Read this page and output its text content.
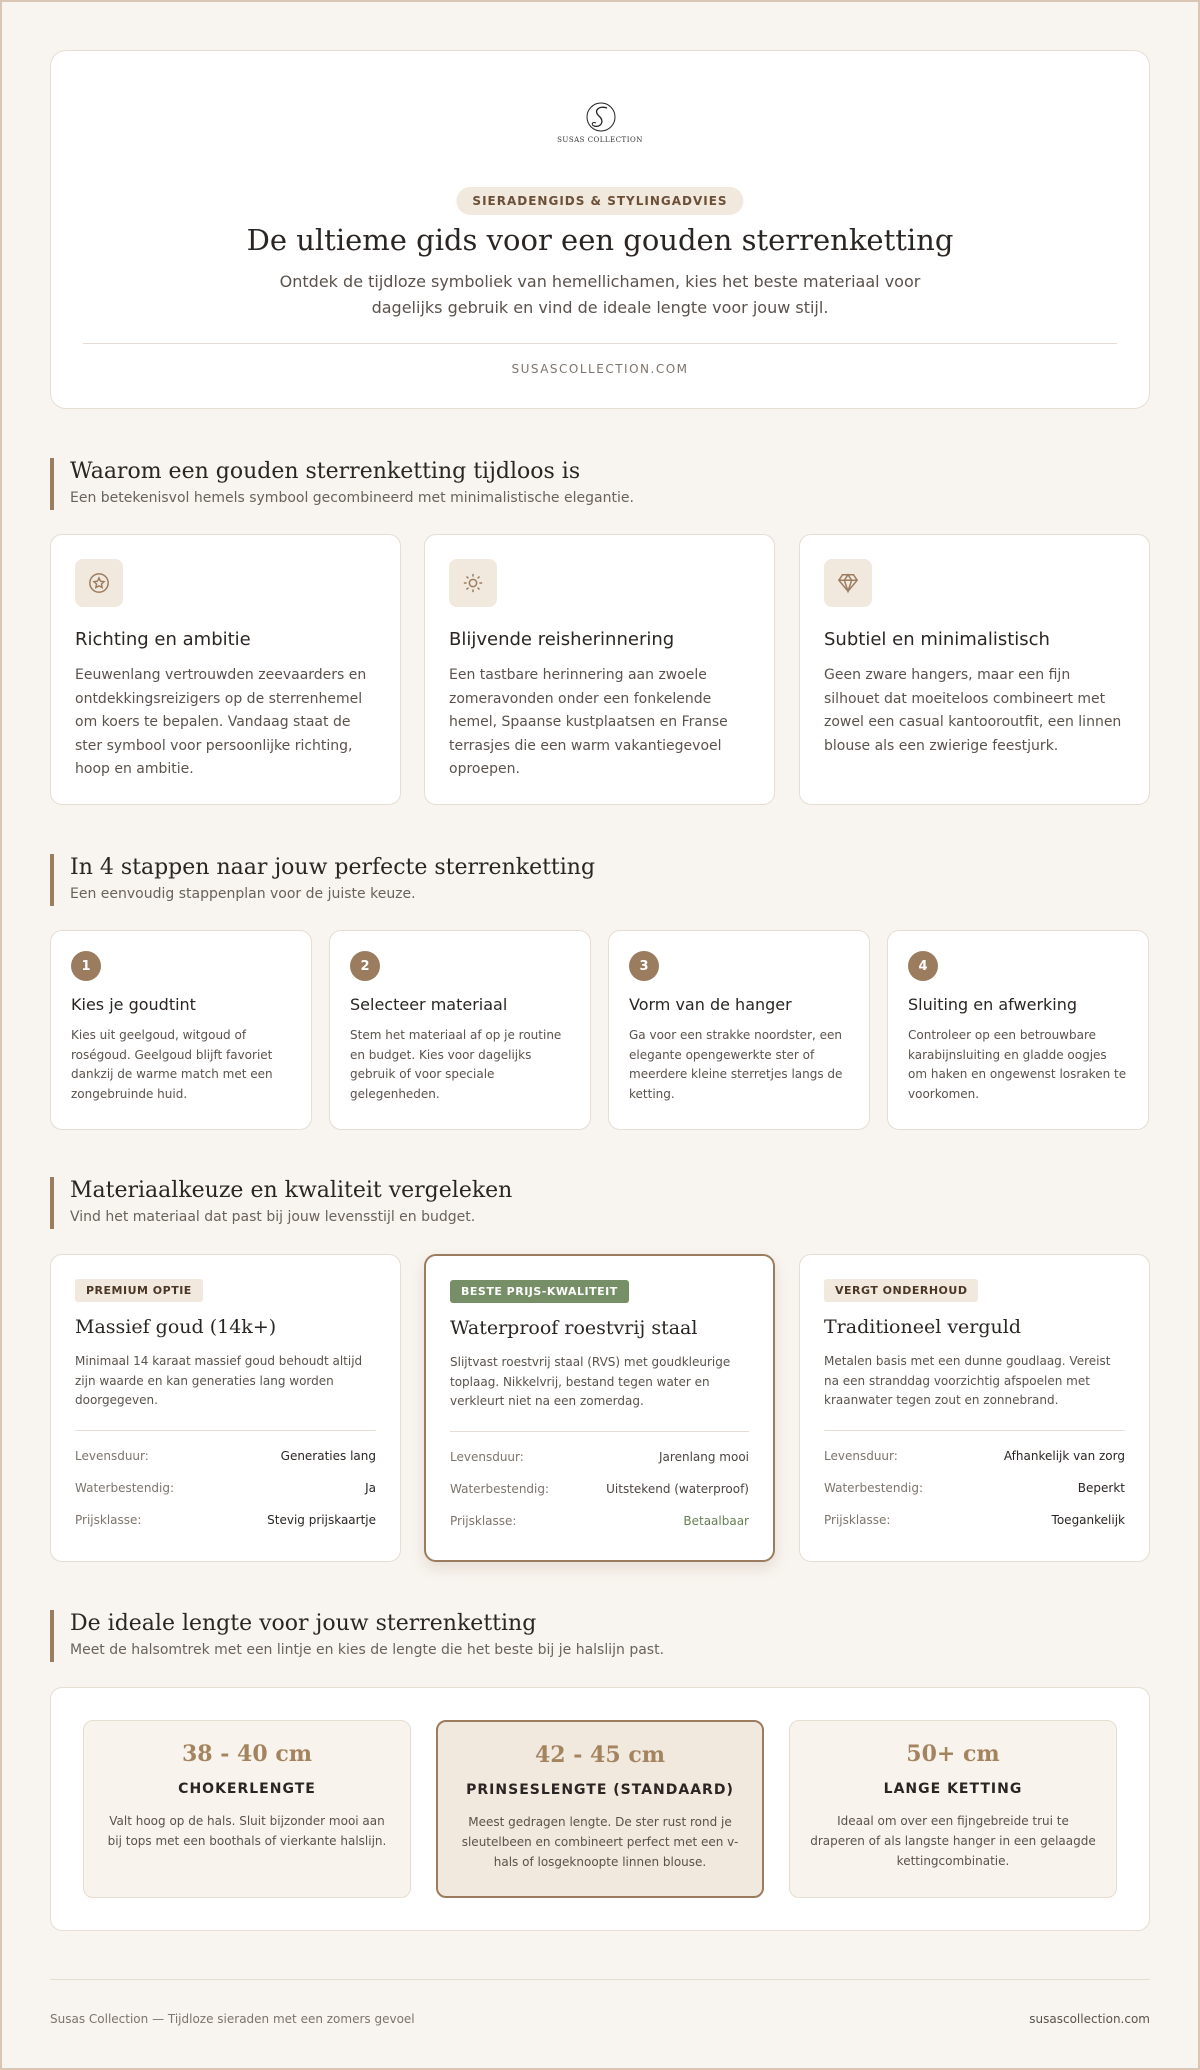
SUSAS COLLECTION
SIERADENGIDS & STYLINGADVIES
De ultieme gids voor een gouden sterrenketting

Ontdek de tijdloze symboliek van hemellichamen, kies het beste materiaal voor dagelijks gebruik en vind de ideale lengte voor jouw stijl.

SUSASCOLLECTION.COM
Waarom een gouden sterrenketting tijdloos is
Een betekenisvol hemels symbool gecombineerd met minimalistische elegantie.
Richting en ambitie
Eeuwenlang vertrouwden zeevaarders en ontdekkingsreizigers op de sterrenhemel om koers te bepalen. Vandaag staat de ster symbool voor persoonlijke richting, hoop en ambitie.
Blijvende reisherinnering
Een tastbare herinnering aan zwoele zomeravonden onder een fonkelende hemel, Spaanse kustplaatsen en Franse terrasjes die een warm vakantiegevoel oproepen.
Subtiel en minimalistisch
Geen zware hangers, maar een fijn silhouet dat moeiteloos combineert met zowel een casual kantooroutfit, een linnen blouse als een zwierige feestjurk.
In 4 stappen naar jouw perfecte sterrenketting
Een eenvoudig stappenplan voor de juiste keuze.
1
Kies je goudtint
Kies uit geelgoud, witgoud of roségoud. Geelgoud blijft favoriet dankzij de warme match met een zongebruinde huid.
2
Selecteer materiaal
Stem het materiaal af op je routine en budget. Kies voor dagelijks gebruik of voor speciale gelegenheden.
3
Vorm van de hanger
Ga voor een strakke noordster, een elegante opengewerkte ster of meerdere kleine sterretjes langs de ketting.
4
Sluiting en afwerking
Controleer op een betrouwbare karabijnsluiting en gladde oogjes om haken en ongewenst losraken te voorkomen.
Materiaalkeuze en kwaliteit vergeleken
Vind het materiaal dat past bij jouw levensstijl en budget.
PREMIUM OPTIE
Massief goud (14k+)
Minimaal 14 karaat massief goud behoudt altijd zijn waarde en kan generaties lang worden doorgegeven.
Levensduur:	Generaties lang
Waterbestendig:	Ja
Prijsklasse:	Stevig prijskaartje
BESTE PRIJS-KWALITEIT
Waterproof roestvrij staal
Slijtvast roestvrij staal (RVS) met goudkleurige toplaag. Nikkelvrij, bestand tegen water en verkleurt niet na een zomerdag.
Levensduur:	Jarenlang mooi
Waterbestendig:	Uitstekend (waterproof)
Prijsklasse:	Betaalbaar
VERGT ONDERHOUD
Traditioneel verguld
Metalen basis met een dunne goudlaag. Vereist na een stranddag voorzichtig afspoelen met kraanwater tegen zout en zonnebrand.
Levensduur:	Afhankelijk van zorg
Waterbestendig:	Beperkt
Prijsklasse:	Toegankelijk
De ideale lengte voor jouw sterrenketting
Meet de halsomtrek met een lintje en kies de lengte die het beste bij je halslijn past.
38 - 40 cm
CHOKERLENGTE
Valt hoog op de hals. Sluit bijzonder mooi aan bij tops met een boothals of vierkante halslijn.
42 - 45 cm
PRINSESLENGTE (STANDAARD)
Meest gedragen lengte. De ster rust rond je sleutelbeen en combineert perfect met een v-hals of losgeknoopte linnen blouse.
50+ cm
LANGE KETTING
Ideaal om over een fijngebreide trui te draperen of als langste hanger in een gelaagde kettingcombinatie.
Susas Collection — Tijdloze sieraden met een zomers gevoel	susascollection.com
